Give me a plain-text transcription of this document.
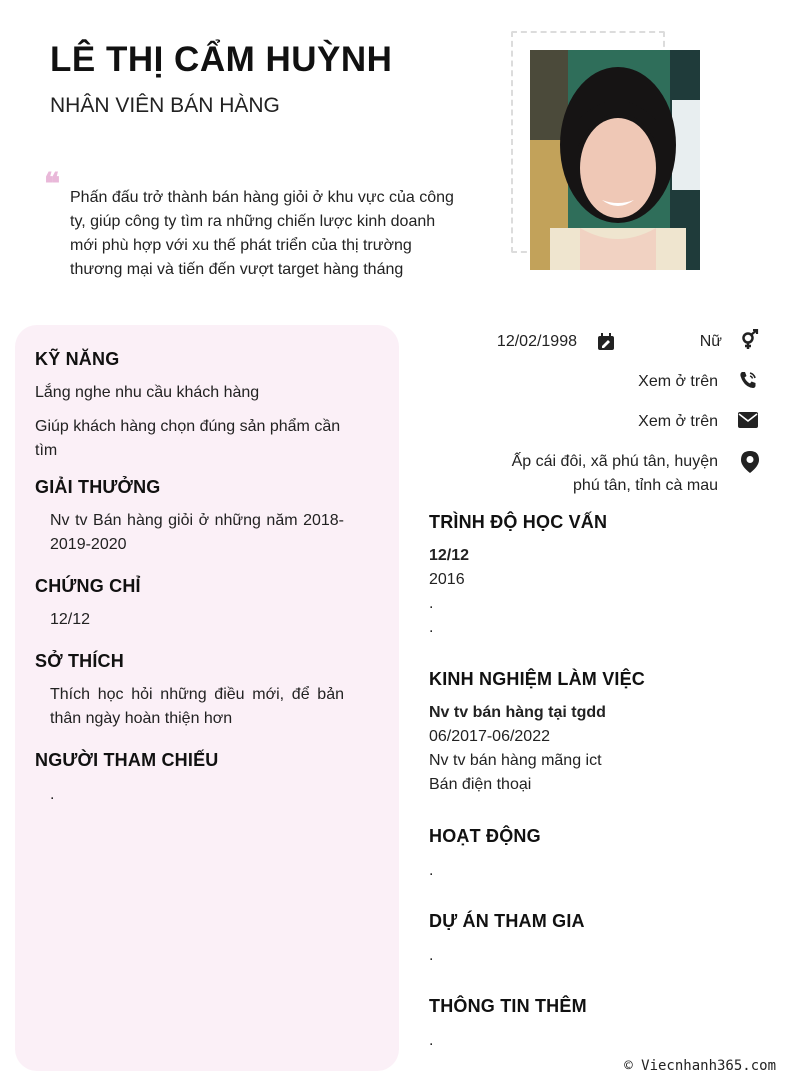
LÊ THỊ CẨM HUỲNH
NHÂN VIÊN BÁN HÀNG
❝ Phấn đấu trở thành bán hàng giỏi ở khu vực của công ty, giúp công ty tìm ra những chiến lược kinh doanh mới phù hợp với xu thế phát triển của thị trường thương mại và tiến đến vượt target hàng tháng
12/02/1998	Nữ
Xem ở trên
Xem ở trên
Ấp cái đôi, xã phú tân, huyện phú tân, tỉnh cà mau
KỸ NĂNG
Lắng nghe nhu cầu khách hàng
Giúp khách hàng chọn đúng sản phẩm cần tìm
GIẢI THƯỞNG
Nv tv Bán hàng giỏi ở những năm 2018-2019-2020
CHỨNG CHỈ
12/12
SỞ THÍCH
Thích học hỏi những điều mới, để bản thân ngày hoàn thiện hơn
NGƯỜI THAM CHIẾU
.
TRÌNH ĐỘ HỌC VẤN
12/12
2016
.
.
KINH NGHIỆM LÀM VIỆC
Nv tv bán hàng tại tgdd
06/2017-06/2022
Nv tv bán hàng mãng ict
Bán điện thoại
HOẠT ĐỘNG
.
DỰ ÁN THAM GIA
.
THÔNG TIN THÊM
.
© Viecnhanh365.com
